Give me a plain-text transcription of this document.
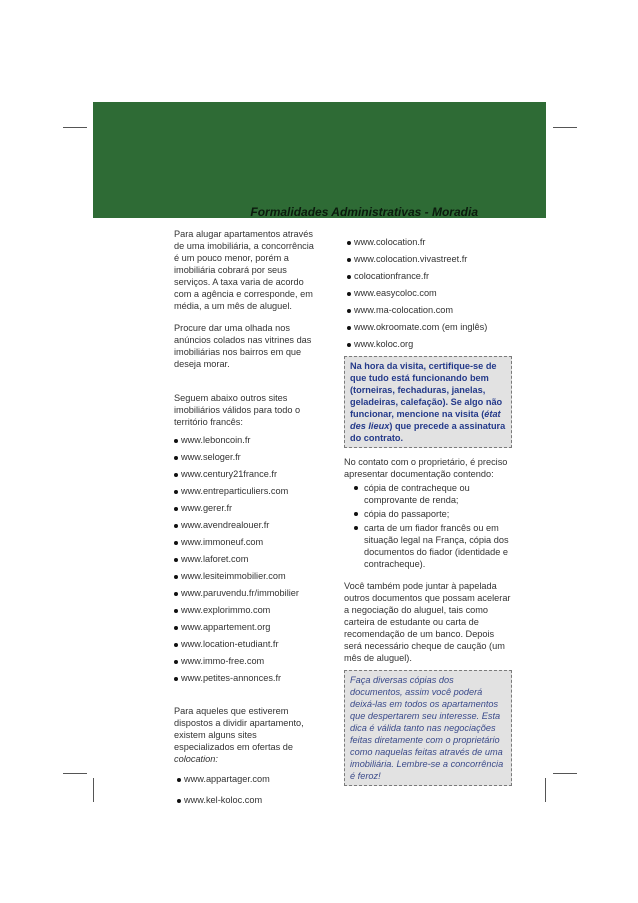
Formalidades Administrativas - Moradia

Para alugar apartamentos através de uma imobiliária, a concorrência é um pouco menor, porém a imobiliária cobrará por seus serviços. A taxa varia de acordo com a agência e corresponde, em média, a um mês de aluguel.

Procure dar uma olhada nos anúncios colados nas vitrines das imobiliárias nos bairros em que deseja morar.

Seguem abaixo outros sites imobiliários válidos para todo o território francês:

www.leboncoin.fr
www.seloger.fr
www.century21france.fr
www.entreparticuliers.com
www.gerer.fr
www.avendrealouer.fr
www.immoneuf.com
www.laforet.com
www.lesiteimmobilier.com
www.paruvendu.fr/immobilier
www.explorimmo.com
www.appartement.org
www.location-etudiant.fr
www.immo-free.com
www.petites-annonces.fr

Para aqueles que estiverem dispostos a dividir apartamento, existem alguns sites especializados em ofertas de colocation:

www.appartager.com
www.kel-koloc.com
www.colocation.fr
www.colocation.vivastreet.fr
colocationfrance.fr
www.easycoloc.com
www.ma-colocation.com
www.okroomate.com (em inglês)
www.koloc.org
Na hora da visita, certifique-se de que tudo está funcionando bem (torneiras, fechaduras, janelas, geladeiras, calefação). Se algo não funcionar, mencione na visita (état des lieux) que precede a assinatura do contrato.

No contato com o proprietário, é preciso apresentar documentação contendo:

cópia de contracheque ou comprovante de renda;
cópia do passaporte;
carta de um fiador francês ou em situação legal na França, cópia dos documentos do fiador (identidade e contracheque).

Você também pode juntar à papelada outros documentos que possam acelerar a negociação do aluguel, tais como carteira de estudante ou carta de recomendação de um banco. Depois será necessário cheque de caução (um mês de aluguel).

Faça diversas cópias dos documentos, assim você poderá deixá-las em todos os apartamentos que despertarem seu interesse. Esta dica é válida tanto nas negociações feitas diretamente com o proprietário como naquelas feitas através de uma imobiliária. Lembre-se a concorrência é feroz!
